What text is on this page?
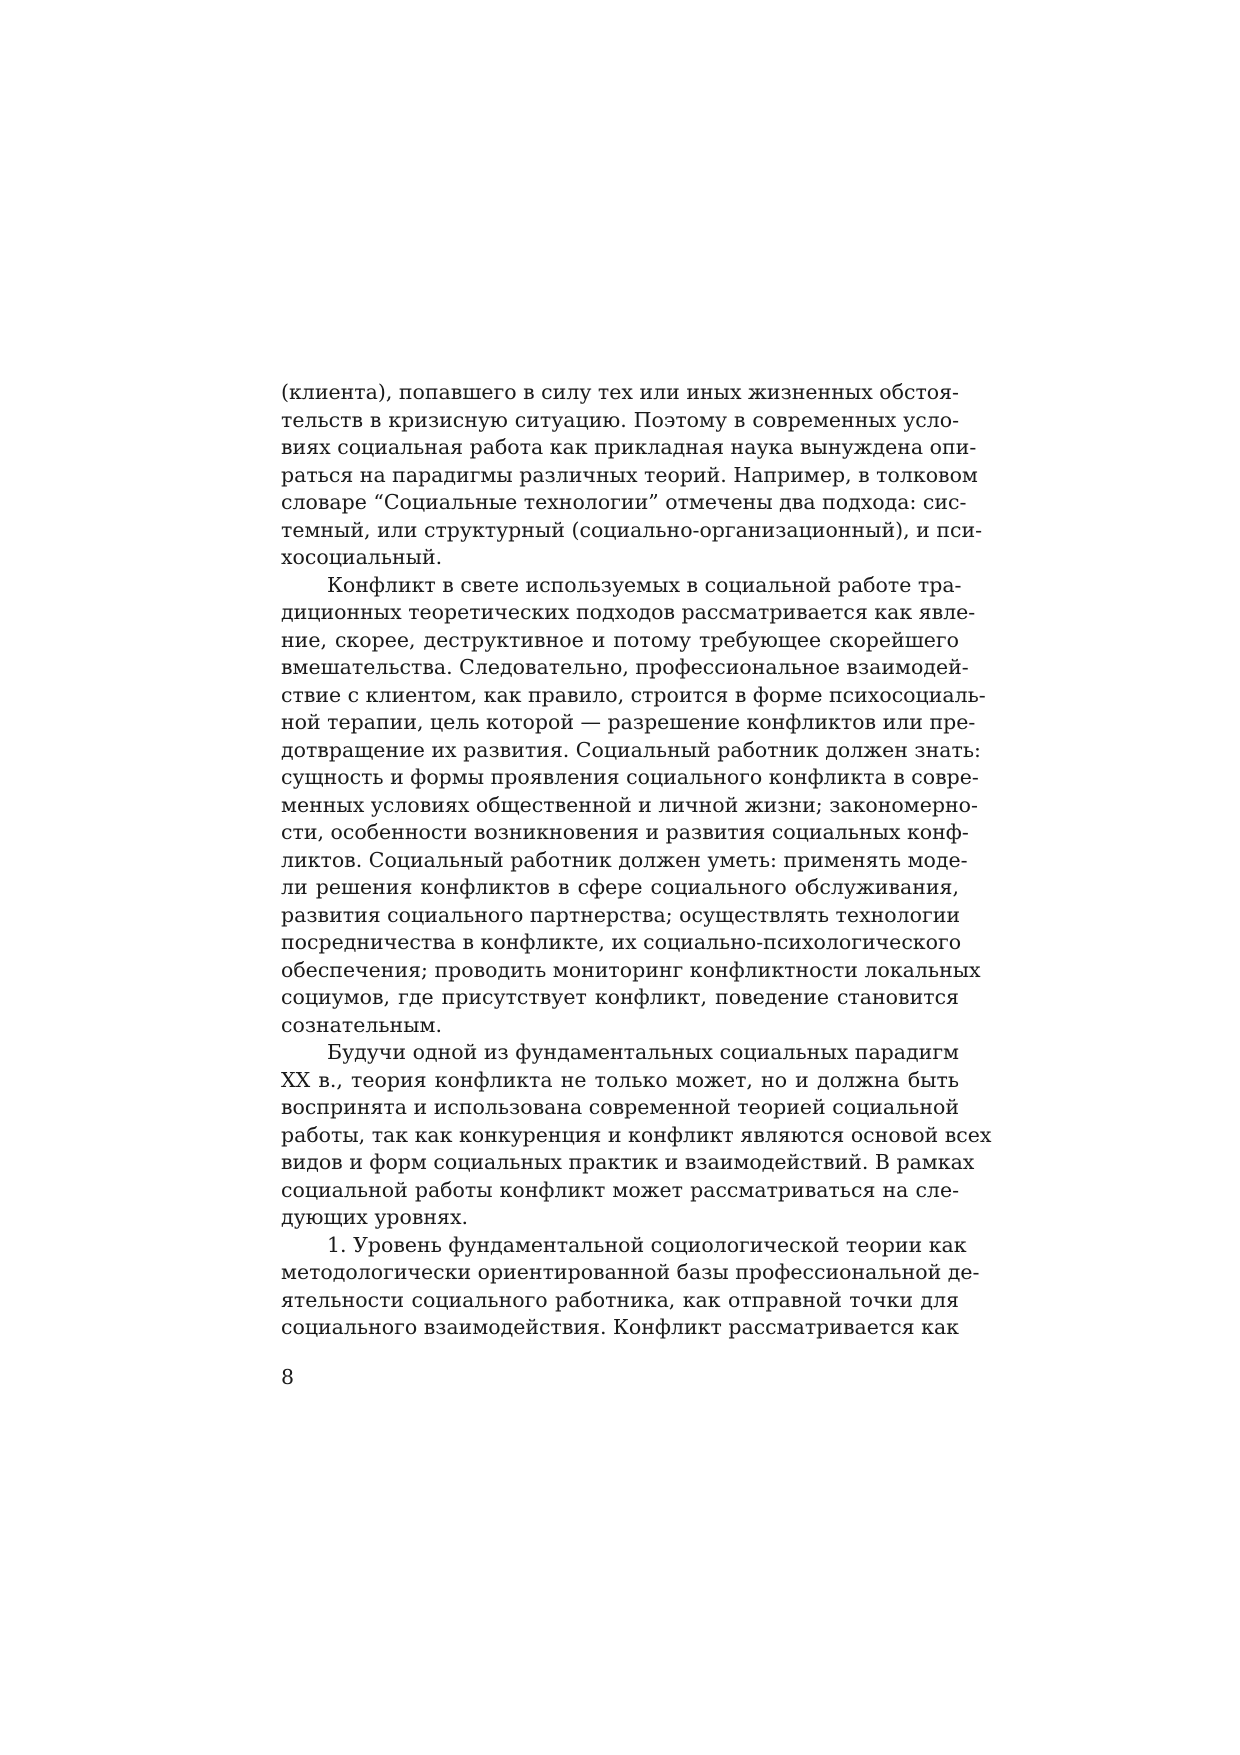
(клиента), попавшего в силу тех или иных жизненных обстоя-
тельств в кризисную ситуацию. Поэтому в современных усло-
виях социальная работа как прикладная наука вынуждена опи-
раться на парадигмы различных теорий. Например, в толковом
словаре “Социальные технологии” отмечены два подхода: сис-
темный, или структурный (социально-организационный), и пси-
хосоциальный.
Конфликт в свете используемых в социальной работе тра-
диционных теоретических подходов рассматривается как явле-
ние, скорее, деструктивное и потому требующее скорейшего
вмешательства. Следовательно, профессиональное взаимодей-
ствие с клиентом, как правило, строится в форме психосоциаль-
ной терапии, цель которой — разрешение конфликтов или пре-
дотвращение их развития. Социальный работник должен знать:
сущность и формы проявления социального конфликта в совре-
менных условиях общественной и личной жизни; закономерно-
сти, особенности возникновения и развития социальных конф-
ликтов. Социальный работник должен уметь: применять моде-
ли решения конфликтов в сфере социального обслуживания,
развития социального партнерства; осуществлять технологии
посредничества в конфликте, их социально-психологического
обеспечения; проводить мониторинг конфликтности локальных
социумов, где присутствует конфликт, поведение становится
сознательным.
Будучи одной из фундаментальных социальных парадигм
XX в., теория конфликта не только может, но и должна быть
воспринята и использована современной теорией социальной
работы, так как конкуренция и конфликт являются основой всех
видов и форм социальных практик и взаимодействий. В рамках
социальной работы конфликт может рассматриваться на сле-
дующих уровнях.
1. Уровень фундаментальной социологической теории как
методологически ориентированной базы профессиональной де-
ятельности социального работника, как отправной точки для
социального взаимодействия. Конфликт рассматривается как
8
